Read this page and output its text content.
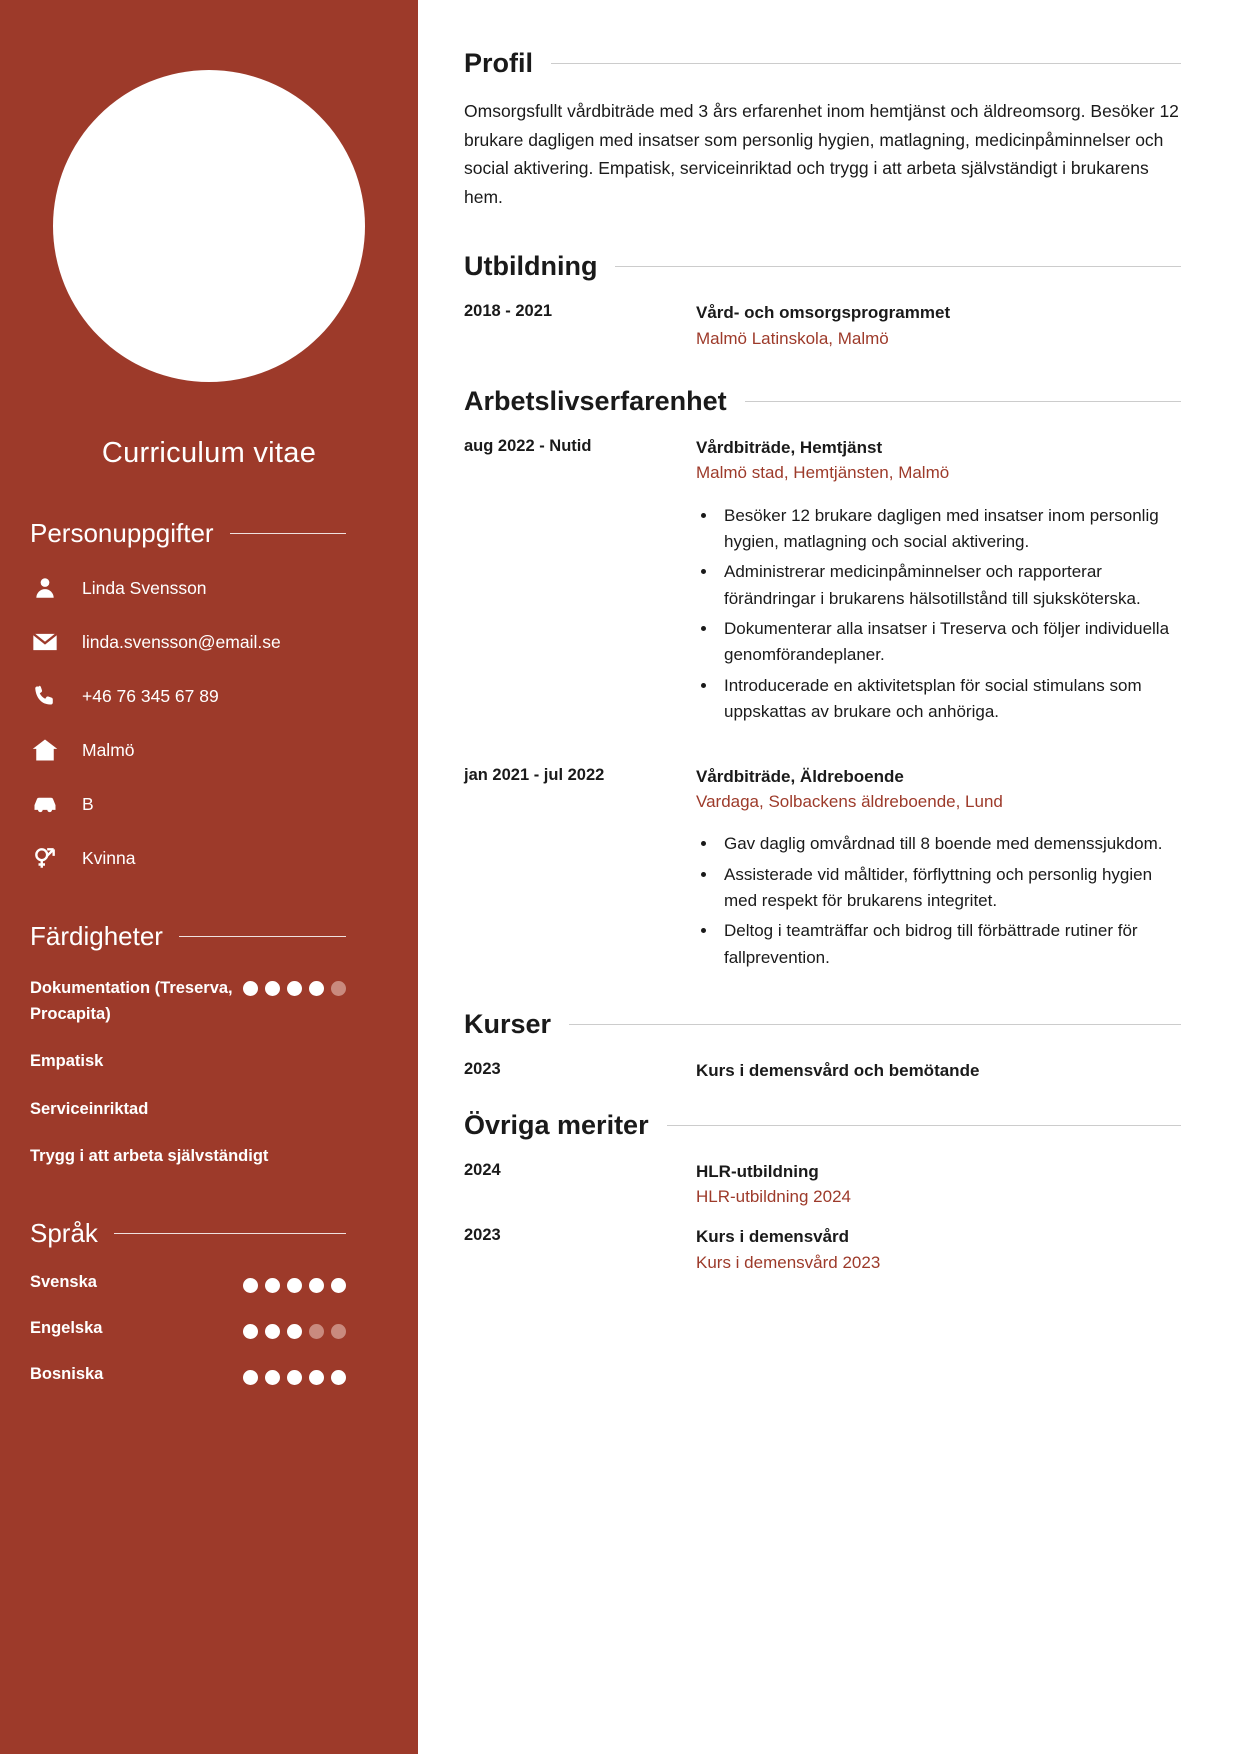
Curriculum vitae
Personuppgifter
Linda Svensson
linda.svensson@email.se
+46 76 345 67 89
Malmö
B
Kvinna
Färdigheter
Dokumentation (Treserva, Procapita)
Empatisk
Serviceinriktad
Trygg i att arbeta självständigt
Språk
Svenska
Engelska
Bosniska
Profil

Omsorgsfullt vårdbiträde med 3 års erfarenhet inom hemtjänst och äldreomsorg. Besöker 12 brukare dagligen med insatser som personlig hygien, matlagning, medicinpåminnelser och social aktivering. Empatisk, serviceinriktad och trygg i att arbeta självständigt i brukarens hem.

Utbildning
2018 - 2021	Vård- och omsorgsprogrammet
Malmö Latinskola, Malmö
Arbetslivserfarenhet
aug 2022 - Nutid	Vårdbiträde, Hemtjänst
Malmö stad, Hemtjänsten, Malmö
• Besöker 12 brukare dagligen med insatser inom personlig hygien, matlagning och social aktivering.
• Administrerar medicinpåminnelser och rapporterar förändringar i brukarens hälsotillstånd till sjuksköterska.
• Dokumenterar alla insatser i Treserva och följer individuella genomförandeplaner.
• Introducerade en aktivitetsplan för social stimulans som uppskattas av brukare och anhöriga.
jan 2021 - jul 2022	Vårdbiträde, Äldreboende
Vardaga, Solbackens äldreboende, Lund
• Gav daglig omvårdnad till 8 boende med demenssjukdom.
• Assisterade vid måltider, förflyttning och personlig hygien med respekt för brukarens integritet.
• Deltog i teamträffar och bidrog till förbättrade rutiner för fallprevention.
Kurser
2023	Kurs i demensvård och bemötande
Övriga meriter
2024	HLR-utbildning
HLR-utbildning 2024
2023	Kurs i demensvård
Kurs i demensvård 2023
